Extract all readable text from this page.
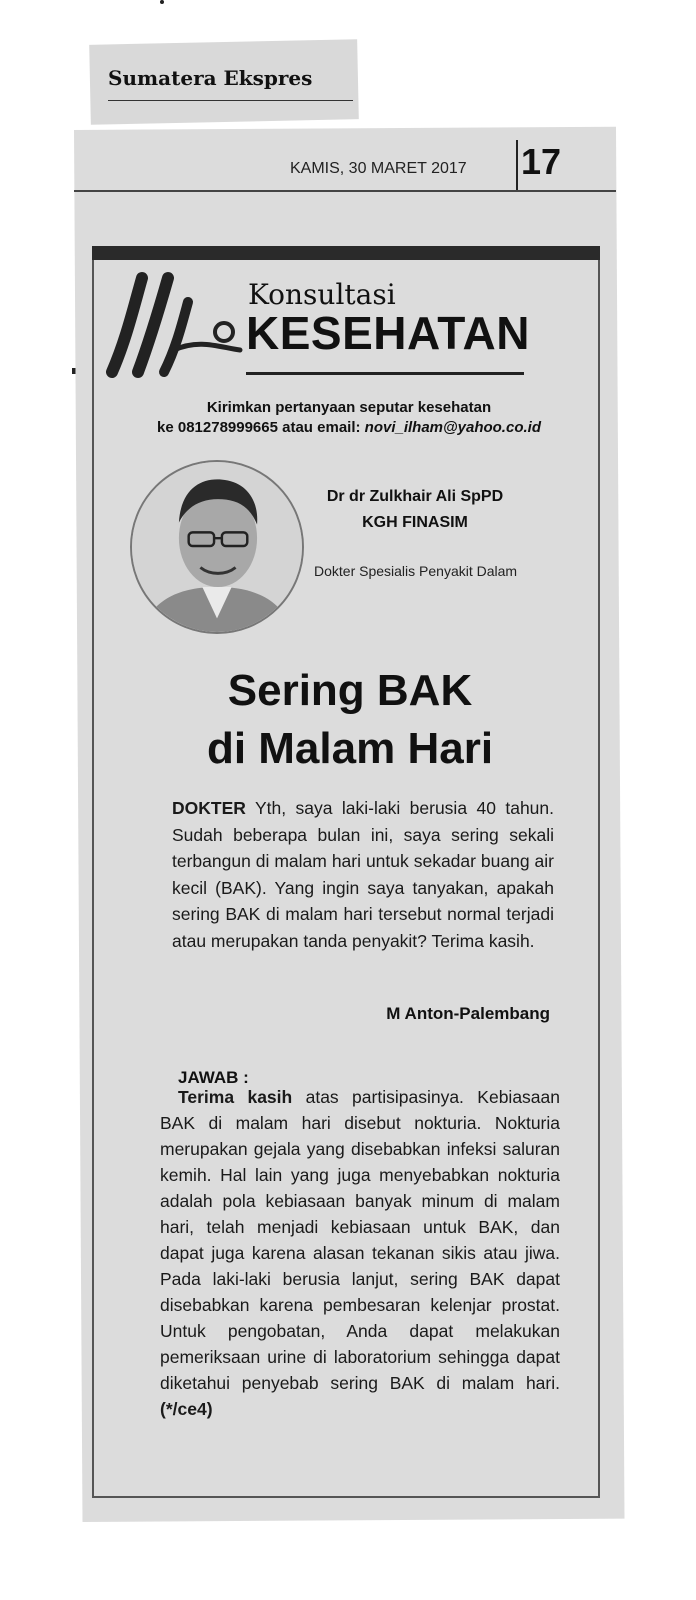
Sumatera Ekspres
KAMIS, 30 MARET 2017 17
Konsultasi
KESEHATAN
Kirimkan pertanyaan seputar kesehatan
ke 081278999665 atau email: novi_ilham@yahoo.co.id
Dr dr Zulkhair Ali SpPD
KGH FINASIM
Dokter Spesialis Penyakit Dalam
Sering BAK
di Malam Hari
DOKTER Yth, saya laki-laki berusia 40 tahun. Sudah beberapa bulan ini, saya sering sekali terbangun di malam hari untuk sekadar buang air kecil (BAK). Yang ingin saya tanyakan, apakah sering BAK di malam hari tersebut normal terjadi atau merupakan tanda penyakit? Terima kasih.
M Anton-Palembang
JAWAB :
Terima kasih atas partisipasinya. Kebiasaan BAK di malam hari disebut nokturia. Nokturia merupakan gejala yang disebabkan infeksi saluran kemih. Hal lain yang juga menyebabkan nokturia adalah pola kebiasaan banyak minum di malam hari, telah menjadi kebiasaan untuk BAK, dan dapat juga karena alasan tekanan sikis atau jiwa. Pada laki-laki berusia lanjut, sering BAK dapat disebabkan karena pembesaran kelenjar prostat. Untuk pengobatan, Anda dapat melakukan pemeriksaan urine di laboratorium sehingga dapat diketahui penyebab sering BAK di malam hari. (*/ce4)
